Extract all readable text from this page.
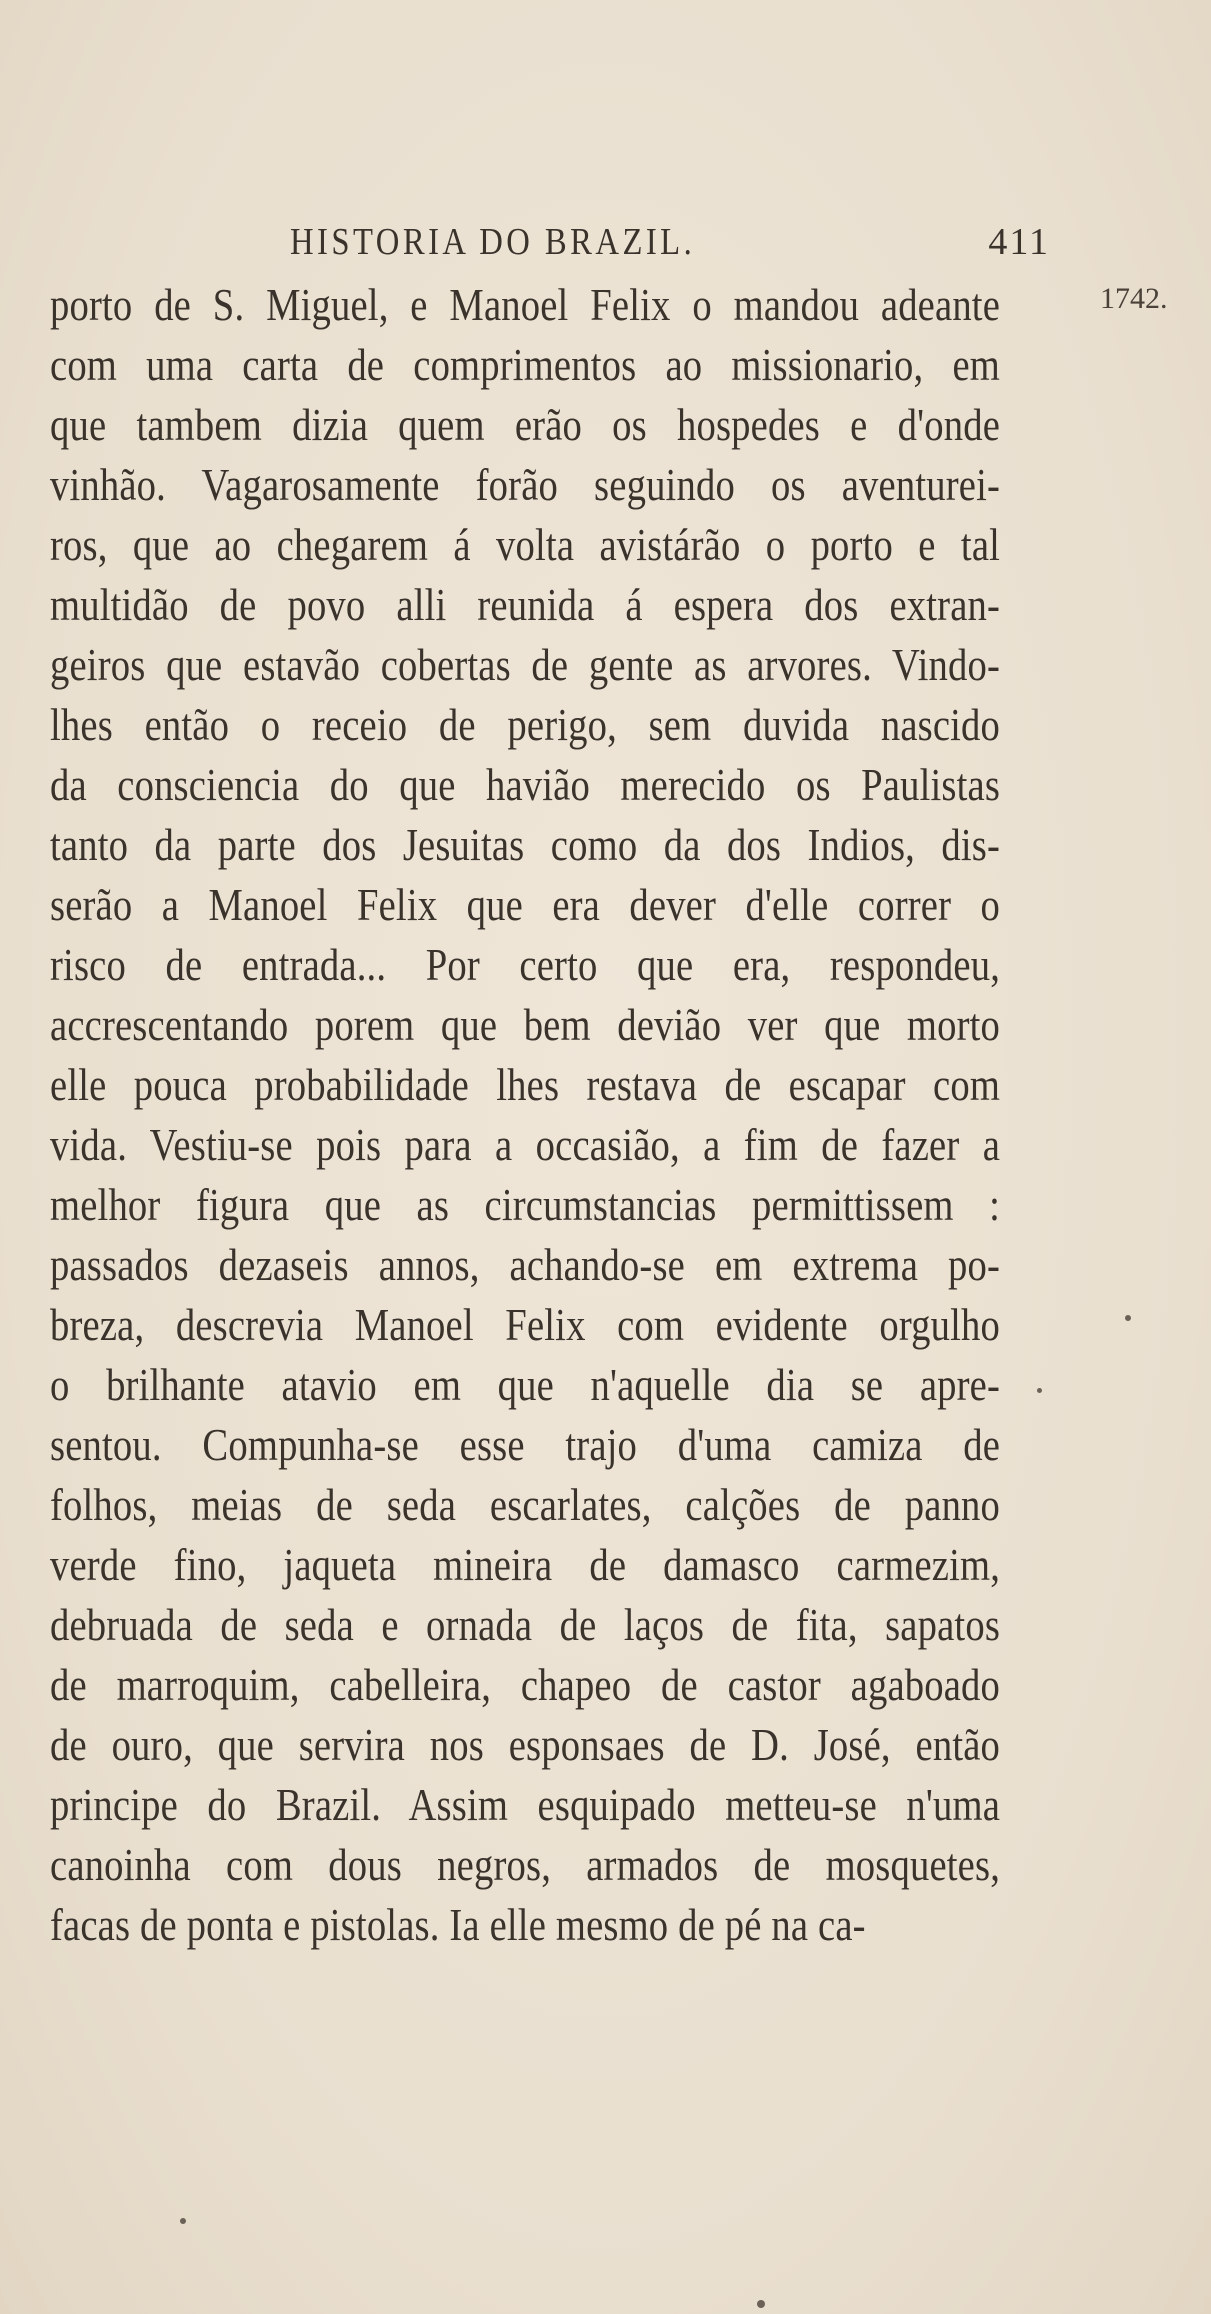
HISTORIA DO BRAZIL.	411
1742.
porto de S. Miguel, e Manoel Felix o mandou adeante
com uma carta de comprimentos ao missionario, em
que tambem dizia quem erão os hospedes e d'onde
vinhão. Vagarosamente forão seguindo os aventurei-
ros, que ao chegarem á volta avistárão o porto e tal
multidão de povo alli reunida á espera dos extran-
geiros que estavão cobertas de gente as arvores. Vindo-
lhes então o receio de perigo, sem duvida nascido
da consciencia do que havião merecido os Paulistas
tanto da parte dos Jesuitas como da dos Indios, dis-
serão a Manoel Felix que era dever d'elle correr o
risco de entrada... Por certo que era, respondeu,
accrescentando porem que bem devião ver que morto
elle pouca probabilidade lhes restava de escapar com
vida. Vestiu-se pois para a occasião, a fim de fazer a
melhor figura que as circumstancias permittissem :
passados dezaseis annos, achando-se em extrema po-
breza, descrevia Manoel Felix com evidente orgulho
o brilhante atavio em que n'aquelle dia se apre-
sentou. Compunha-se esse trajo d'uma camiza de
folhos, meias de seda escarlates, calções de panno
verde fino, jaqueta mineira de damasco carmezim,
debruada de seda e ornada de laços de fita, sapatos
de marroquim, cabelleira, chapeo de castor agaboado
de ouro, que servira nos esponsaes de D. José, então
principe do Brazil. Assim esquipado metteu-se n'uma
canoinha com dous negros, armados de mosquetes,
facas de ponta e pistolas. Ia elle mesmo de pé na ca-
